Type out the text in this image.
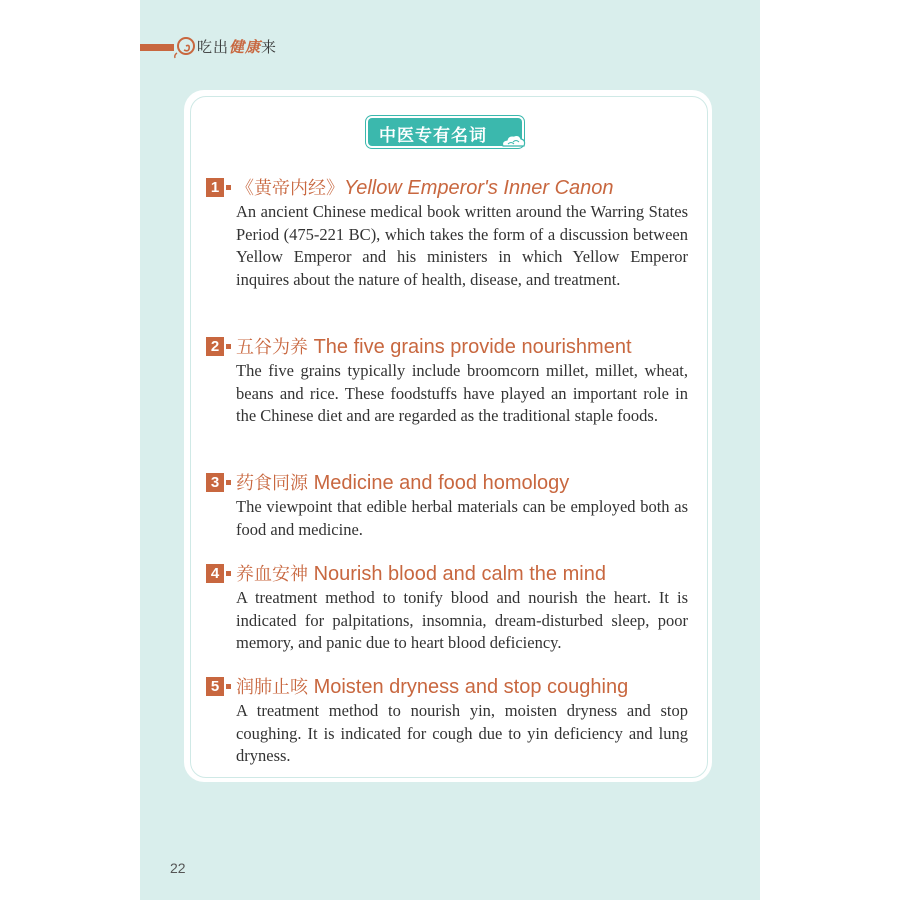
吃出健康来
中医专有名词
1 《黄帝内经》Yellow Emperor's Inner Canon

An ancient Chinese medical book written around the Warring States Period (475-221 BC), which takes the form of a discussion between Yellow Emperor and his ministers in which Yellow Emperor inquires about the nature of health, disease, and treatment.

2 五谷为养 The five grains provide nourishment

The five grains typically include broomcorn millet, millet, wheat, beans and rice. These foodstuffs have played an important role in the Chinese diet and are regarded as the traditional staple foods.

3 药食同源 Medicine and food homology

The viewpoint that edible herbal materials can be employed both as food and medicine.

4 养血安神 Nourish blood and calm the mind

A treatment method to tonify blood and nourish the heart. It is indicated for palpitations, insomnia, dream-disturbed sleep, poor memory, and panic due to heart blood deficiency.

5 润肺止咳 Moisten dryness and stop coughing

A treatment method to nourish yin, moisten dryness and stop coughing. It is indicated for cough due to yin deficiency and lung dryness.

22
